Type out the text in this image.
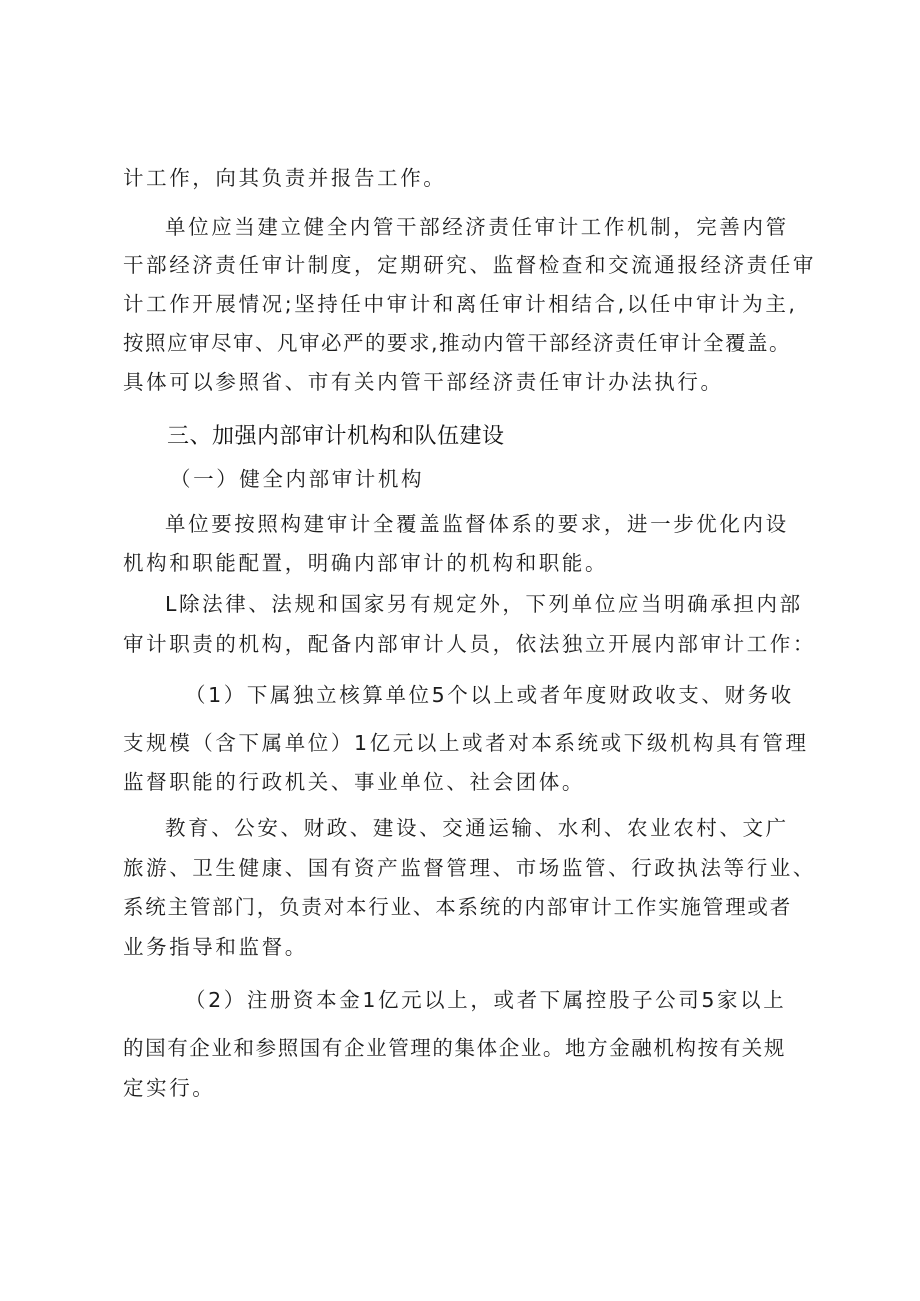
计工作，向其负责并报告工作。
单位应当建立健全内管干部经济责任审计工作机制，完善内管
干部经济责任审计制度，定期研究、监督检查和交流通报经济责任审
计工作开展情况;坚持任中审计和离任审计相结合,以任中审计为主,
按照应审尽审、凡审必严的要求,推动内管干部经济责任审计全覆盖。
具体可以参照省、市有关内管干部经济责任审计办法执行。
三、加强内部审计机构和队伍建设
（一）健全内部审计机构
单位要按照构建审计全覆盖监督体系的要求，进一步优化内设
机构和职能配置，明确内部审计的机构和职能。
L除法律、法规和国家另有规定外，下列单位应当明确承担内部
审计职责的机构，配备内部审计人员，依法独立开展内部审计工作：
（1）下属独立核算单位5个以上或者年度财政收支、财务收
支规模（含下属单位）1亿元以上或者对本系统或下级机构具有管理
监督职能的行政机关、事业单位、社会团体。
教育、公安、财政、建设、交通运输、水利、农业农村、文广
旅游、卫生健康、国有资产监督管理、市场监管、行政执法等行业、
系统主管部门，负责对本行业、本系统的内部审计工作实施管理或者
业务指导和监督。
（2）注册资本金1亿元以上，或者下属控股子公司5家以上
的国有企业和参照国有企业管理的集体企业。地方金融机构按有关规
定实行。
